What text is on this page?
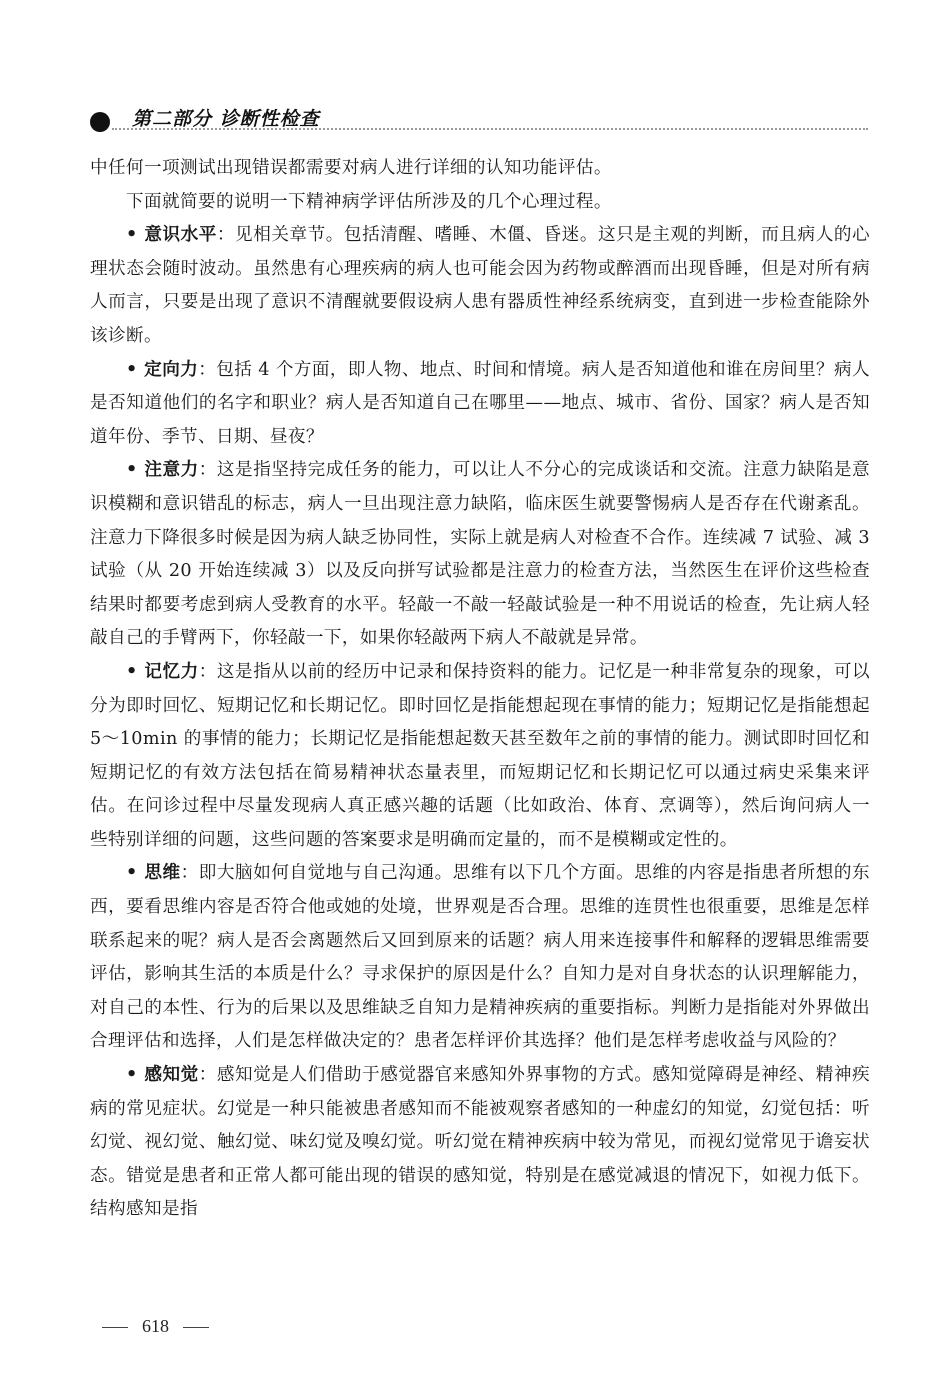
第二部分 诊断性检查

中任何一项测试出现错误都需要对病人进行详细的认知功能评估。

下面就简要的说明一下精神病学评估所涉及的几个心理过程。

• 意识水平：见相关章节。包括清醒、嗜睡、木僵、昏迷。这只是主观的判断，而且病人的心理状态会随时波动。虽然患有心理疾病的病人也可能会因为药物或醉酒而出现昏睡，但是对所有病人而言，只要是出现了意识不清醒就要假设病人患有器质性神经系统病变，直到进一步检查能除外该诊断。

• 定向力：包括 4 个方面，即人物、地点、时间和情境。病人是否知道他和谁在房间里？病人是否知道他们的名字和职业？病人是否知道自己在哪里——地点、城市、省份、国家？病人是否知道年份、季节、日期、昼夜？

• 注意力：这是指坚持完成任务的能力，可以让人不分心的完成谈话和交流。注意力缺陷是意识模糊和意识错乱的标志，病人一旦出现注意力缺陷，临床医生就要警惕病人是否存在代谢紊乱。注意力下降很多时候是因为病人缺乏协同性，实际上就是病人对检查不合作。连续减 7 试验、减 3 试验（从 20 开始连续减 3）以及反向拼写试验都是注意力的检查方法，当然医生在评价这些检查结果时都要考虑到病人受教育的水平。轻敲一不敲一轻敲试验是一种不用说话的检查，先让病人轻敲自己的手臂两下，你轻敲一下，如果你轻敲两下病人不敲就是异常。

• 记忆力：这是指从以前的经历中记录和保持资料的能力。记忆是一种非常复杂的现象，可以分为即时回忆、短期记忆和长期记忆。即时回忆是指能想起现在事情的能力；短期记忆是指能想起 5～10min 的事情的能力；长期记忆是指能想起数天甚至数年之前的事情的能力。测试即时回忆和短期记忆的有效方法包括在简易精神状态量表里，而短期记忆和长期记忆可以通过病史采集来评估。在问诊过程中尽量发现病人真正感兴趣的话题（比如政治、体育、烹调等），然后询问病人一些特别详细的问题，这些问题的答案要求是明确而定量的，而不是模糊或定性的。

• 思维：即大脑如何自觉地与自己沟通。思维有以下几个方面。思维的内容是指患者所想的东西，要看思维内容是否符合他或她的处境，世界观是否合理。思维的连贯性也很重要，思维是怎样联系起来的呢？病人是否会离题然后又回到原来的话题？病人用来连接事件和解释的逻辑思维需要评估，影响其生活的本质是什么？寻求保护的原因是什么？自知力是对自身状态的认识理解能力，对自己的本性、行为的后果以及思维缺乏自知力是精神疾病的重要指标。判断力是指能对外界做出合理评估和选择，人们是怎样做决定的？患者怎样评价其选择？他们是怎样考虑收益与风险的？

• 感知觉：感知觉是人们借助于感觉器官来感知外界事物的方式。感知觉障碍是神经、精神疾病的常见症状。幻觉是一种只能被患者感知而不能被观察者感知的一种虚幻的知觉，幻觉包括：听幻觉、视幻觉、触幻觉、味幻觉及嗅幻觉。听幻觉在精神疾病中较为常见，而视幻觉常见于谵妄状态。错觉是患者和正常人都可能出现的错误的感知觉，特别是在感觉减退的情况下，如视力低下。结构感知是指

618
